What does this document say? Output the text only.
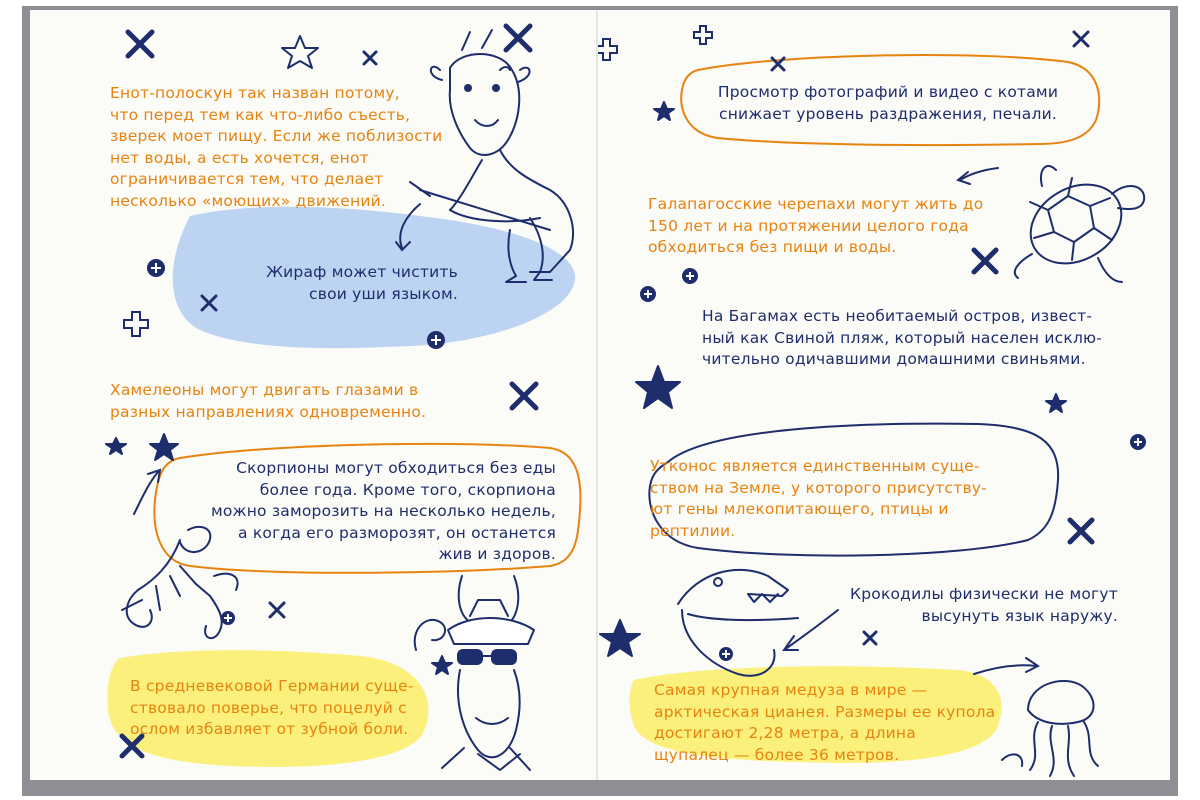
Енот-полоскун так назван потому,
что перед тем как что-либо съесть,
зверек моет пищу. Если же поблизости
нет воды, а есть хочется, енот
ограничивается тем, что делает
несколько «моющих» движений.

Жираф может чистить
свои уши языком.

Хамелеоны могут двигать глазами в
разных направлениях одновременно.

Скорпионы могут обходиться без еды
более года. Кроме того, скорпиона
можно заморозить на несколько недель,
а когда его разморозят, он останется
жив и здоров.

В средневековой Германии суще-
ствовало поверье, что поцелуй с
ослом избавляет от зубной боли.

Просмотр фотографий и видео с котами
снижает уровень раздражения, печали.

Галапагосские черепахи могут жить до
150 лет и на протяжении целого года
обходиться без пищи и воды.

На Багамах есть необитаемый остров, извест-
ный как Свиной пляж, который населен исклю-
чительно одичавшими домашними свиньями.

Утконос является единственным суще-
ством на Земле, у которого присутству-
ют гены млекопитающего, птицы и
рептилии.

Крокодилы физически не могут
высунуть язык наружу.

Самая крупная медуза в мире —
арктическая цианея. Размеры ее купола
достигают 2,28 метра, а длина
щупалец — более 36 метров.
